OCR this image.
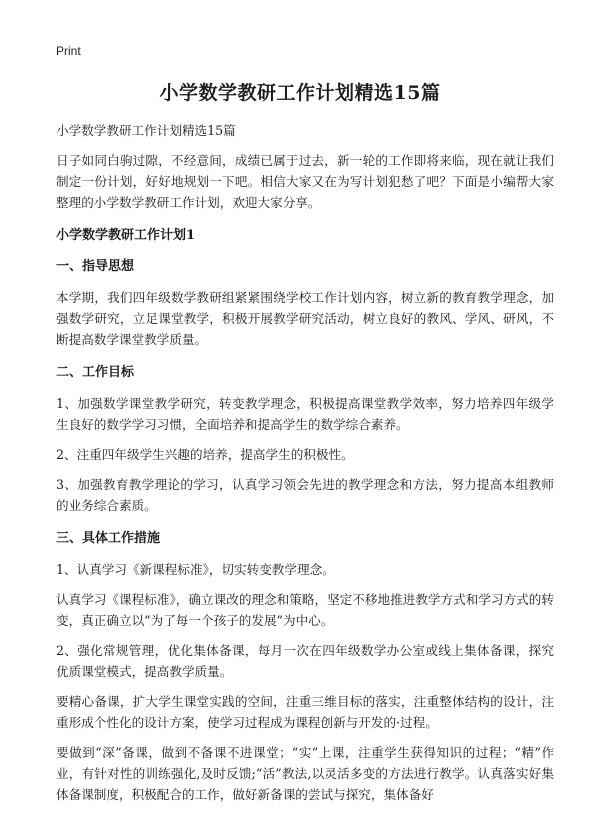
Print
小学数学教研工作计划精选15篇

小学数学教研工作计划精选15篇

日子如同白驹过隙，不经意间，成绩已属于过去，新一轮的工作即将来临，现在就让我们制定一份计划，好好地规划一下吧。相信大家又在为写计划犯愁了吧？下面是小编帮大家整理的小学数学教研工作计划，欢迎大家分享。

小学数学教研工作计划1
一、指导思想

本学期，我们四年级数学教研组紧紧围绕学校工作计划内容，树立新的教育教学理念，加强数学研究，立足课堂教学，积极开展教学研究活动，树立良好的教风、学风、研风，不断提高数学课堂教学质量。

二、工作目标

1、加强数学课堂教学研究，转变教学理念，积极提高课堂教学效率，努力培养四年级学生良好的数学学习习惯，全面培养和提高学生的数学综合素养。

2、注重四年级学生兴趣的培养，提高学生的积极性。

3、加强教育教学理论的学习，认真学习领会先进的教学理念和方法，努力提高本组教师的业务综合素质。

三、具体工作措施

1、认真学习《新课程标准》，切实转变教学理念。

认真学习《课程标准》，确立课改的理念和策略，坚定不移地推进教学方式和学习方式的转变，真正确立以“为了每一个孩子的发展”为中心。

2、强化常规管理，优化集体备课，每月一次在四年级数学办公室或线上集体备课，探究优质课堂模式，提高教学质量。

要精心备课，扩大学生课堂实践的空间，注重三维目标的落实，注重整体结构的设计，注重形成个性化的设计方案，使学习过程成为课程创新与开发的·过程。

要做到“深”备课，做到不备课不进课堂；“实”上课，注重学生获得知识的过程；“精”作业，有针对性的训练强化,及时反馈;“活”教法,以灵活多变的方法进行教学。认真落实好集体备课制度，积极配合的工作，做好新备课的尝试与探究，集体备好
